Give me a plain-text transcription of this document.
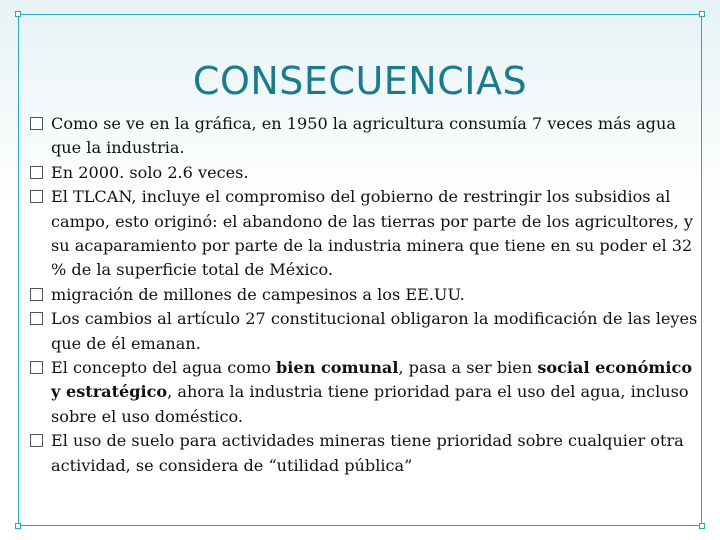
CONSECUENCIAS
Como se ve en la gráfica, en 1950 la agricultura consumía 7 veces más agua que la industria.
En 2000. solo 2.6 veces.
El TLCAN, incluye el compromiso del gobierno de restringir los subsidios al campo, esto originó: el abandono de las tierras por parte de los agricultores, y su acaparamiento por parte de la industria minera que tiene en su poder el 32 % de la superficie total de México.
migración de millones de campesinos a los EE.UU.
Los cambios al artículo 27 constitucional obligaron la modificación de las leyes que de él emanan.
El concepto del agua como bien comunal, pasa a ser bien social económico y estratégico, ahora la industria tiene prioridad para el uso del agua, incluso sobre el uso doméstico.
El uso de suelo para actividades mineras tiene prioridad sobre cualquier otra actividad, se considera de “utilidad pública”
